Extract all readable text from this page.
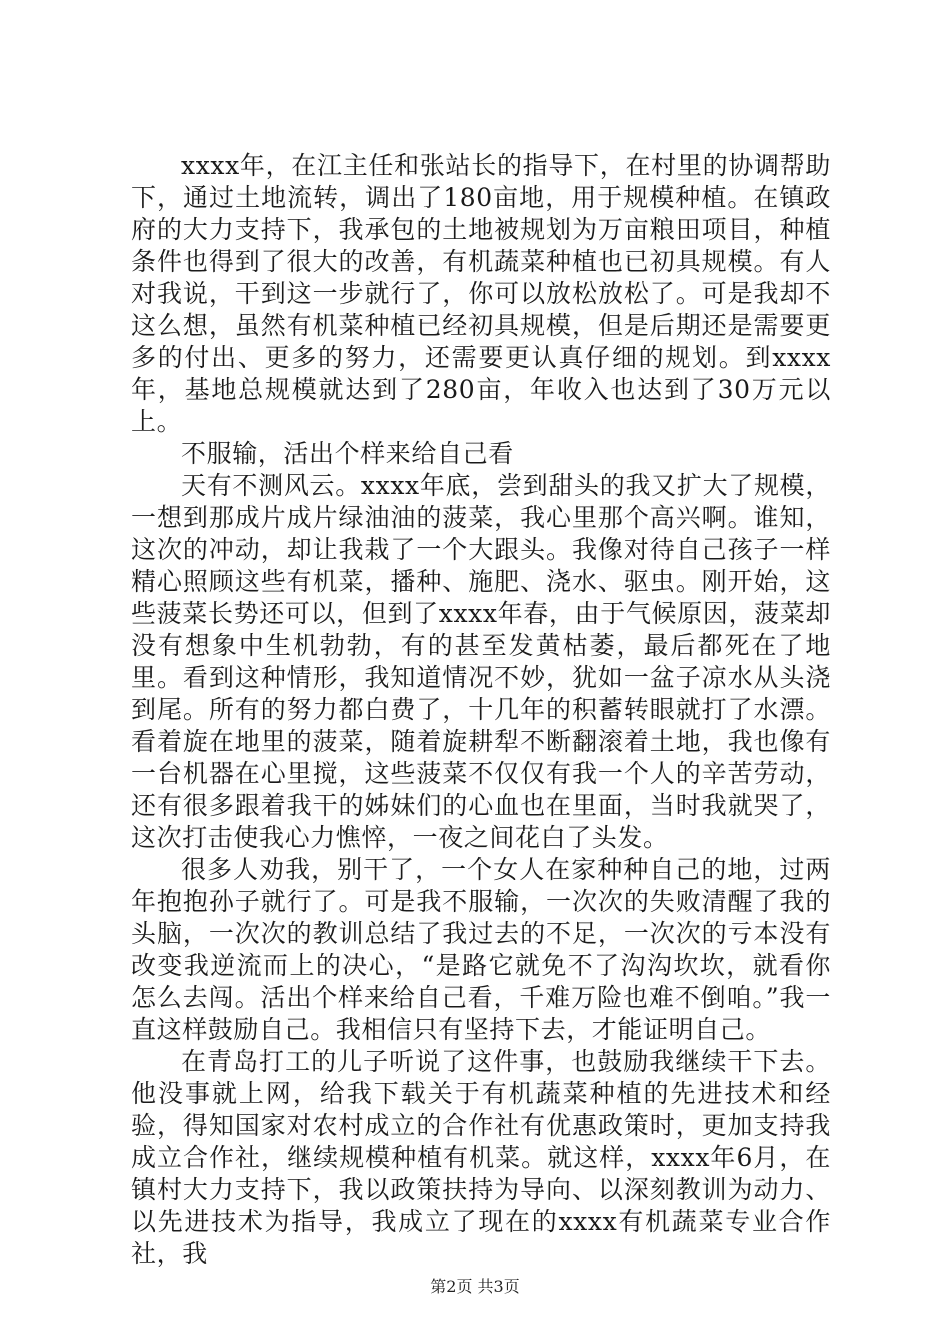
xxxx年，在江主任和张站长的指导下，在村里的协调帮助下，通过土地流转，调出了180亩地，用于规模种植。在镇政府的大力支持下，我承包的土地被规划为万亩粮田项目，种植条件也得到了很大的改善，有机蔬菜种植也已初具规模。有人对我说，干到这一步就行了，你可以放松放松了。可是我却不这么想，虽然有机菜种植已经初具规模，但是后期还是需要更多的付出、更多的努力，还需要更认真仔细的规划。到xxxx年，基地总规模就达到了280亩，年收入也达到了30万元以上。

不服输，活出个样来给自己看

天有不测风云。xxxx年底，尝到甜头的我又扩大了规模，一想到那成片成片绿油油的菠菜，我心里那个高兴啊。谁知，这次的冲动，却让我栽了一个大跟头。我像对待自己孩子一样精心照顾这些有机菜，播种、施肥、浇水、驱虫。刚开始，这些菠菜长势还可以，但到了xxxx年春，由于气候原因，菠菜却没有想象中生机勃勃，有的甚至发黄枯萎，最后都死在了地里。看到这种情形，我知道情况不妙，犹如一盆子凉水从头浇到尾。所有的努力都白费了，十几年的积蓄转眼就打了水漂。看着旋在地里的菠菜，随着旋耕犁不断翻滚着土地，我也像有一台机器在心里搅，这些菠菜不仅仅有我一个人的辛苦劳动，还有很多跟着我干的姊妹们的心血也在里面，当时我就哭了，这次打击使我心力憔悴，一夜之间花白了头发。

很多人劝我，别干了，一个女人在家种种自己的地，过两年抱抱孙子就行了。可是我不服输，一次次的失败清醒了我的头脑，一次次的教训总结了我过去的不足，一次次的亏本没有改变我逆流而上的决心，“是路它就免不了沟沟坎坎，就看你怎么去闯。活出个样来给自己看，千难万险也难不倒咱。”我一直这样鼓励自己。我相信只有坚持下去，才能证明自己。

在青岛打工的儿子听说了这件事，也鼓励我继续干下去。他没事就上网，给我下载关于有机蔬菜种植的先进技术和经验，得知国家对农村成立的合作社有优惠政策时，更加支持我成立合作社，继续规模种植有机菜。就这样，xxxx年6月，在镇村大力支持下，我以政策扶持为导向、以深刻教训为动力、以先进技术为指导，我成立了现在的xxxx有机蔬菜专业合作社，我

第2页 共3页
